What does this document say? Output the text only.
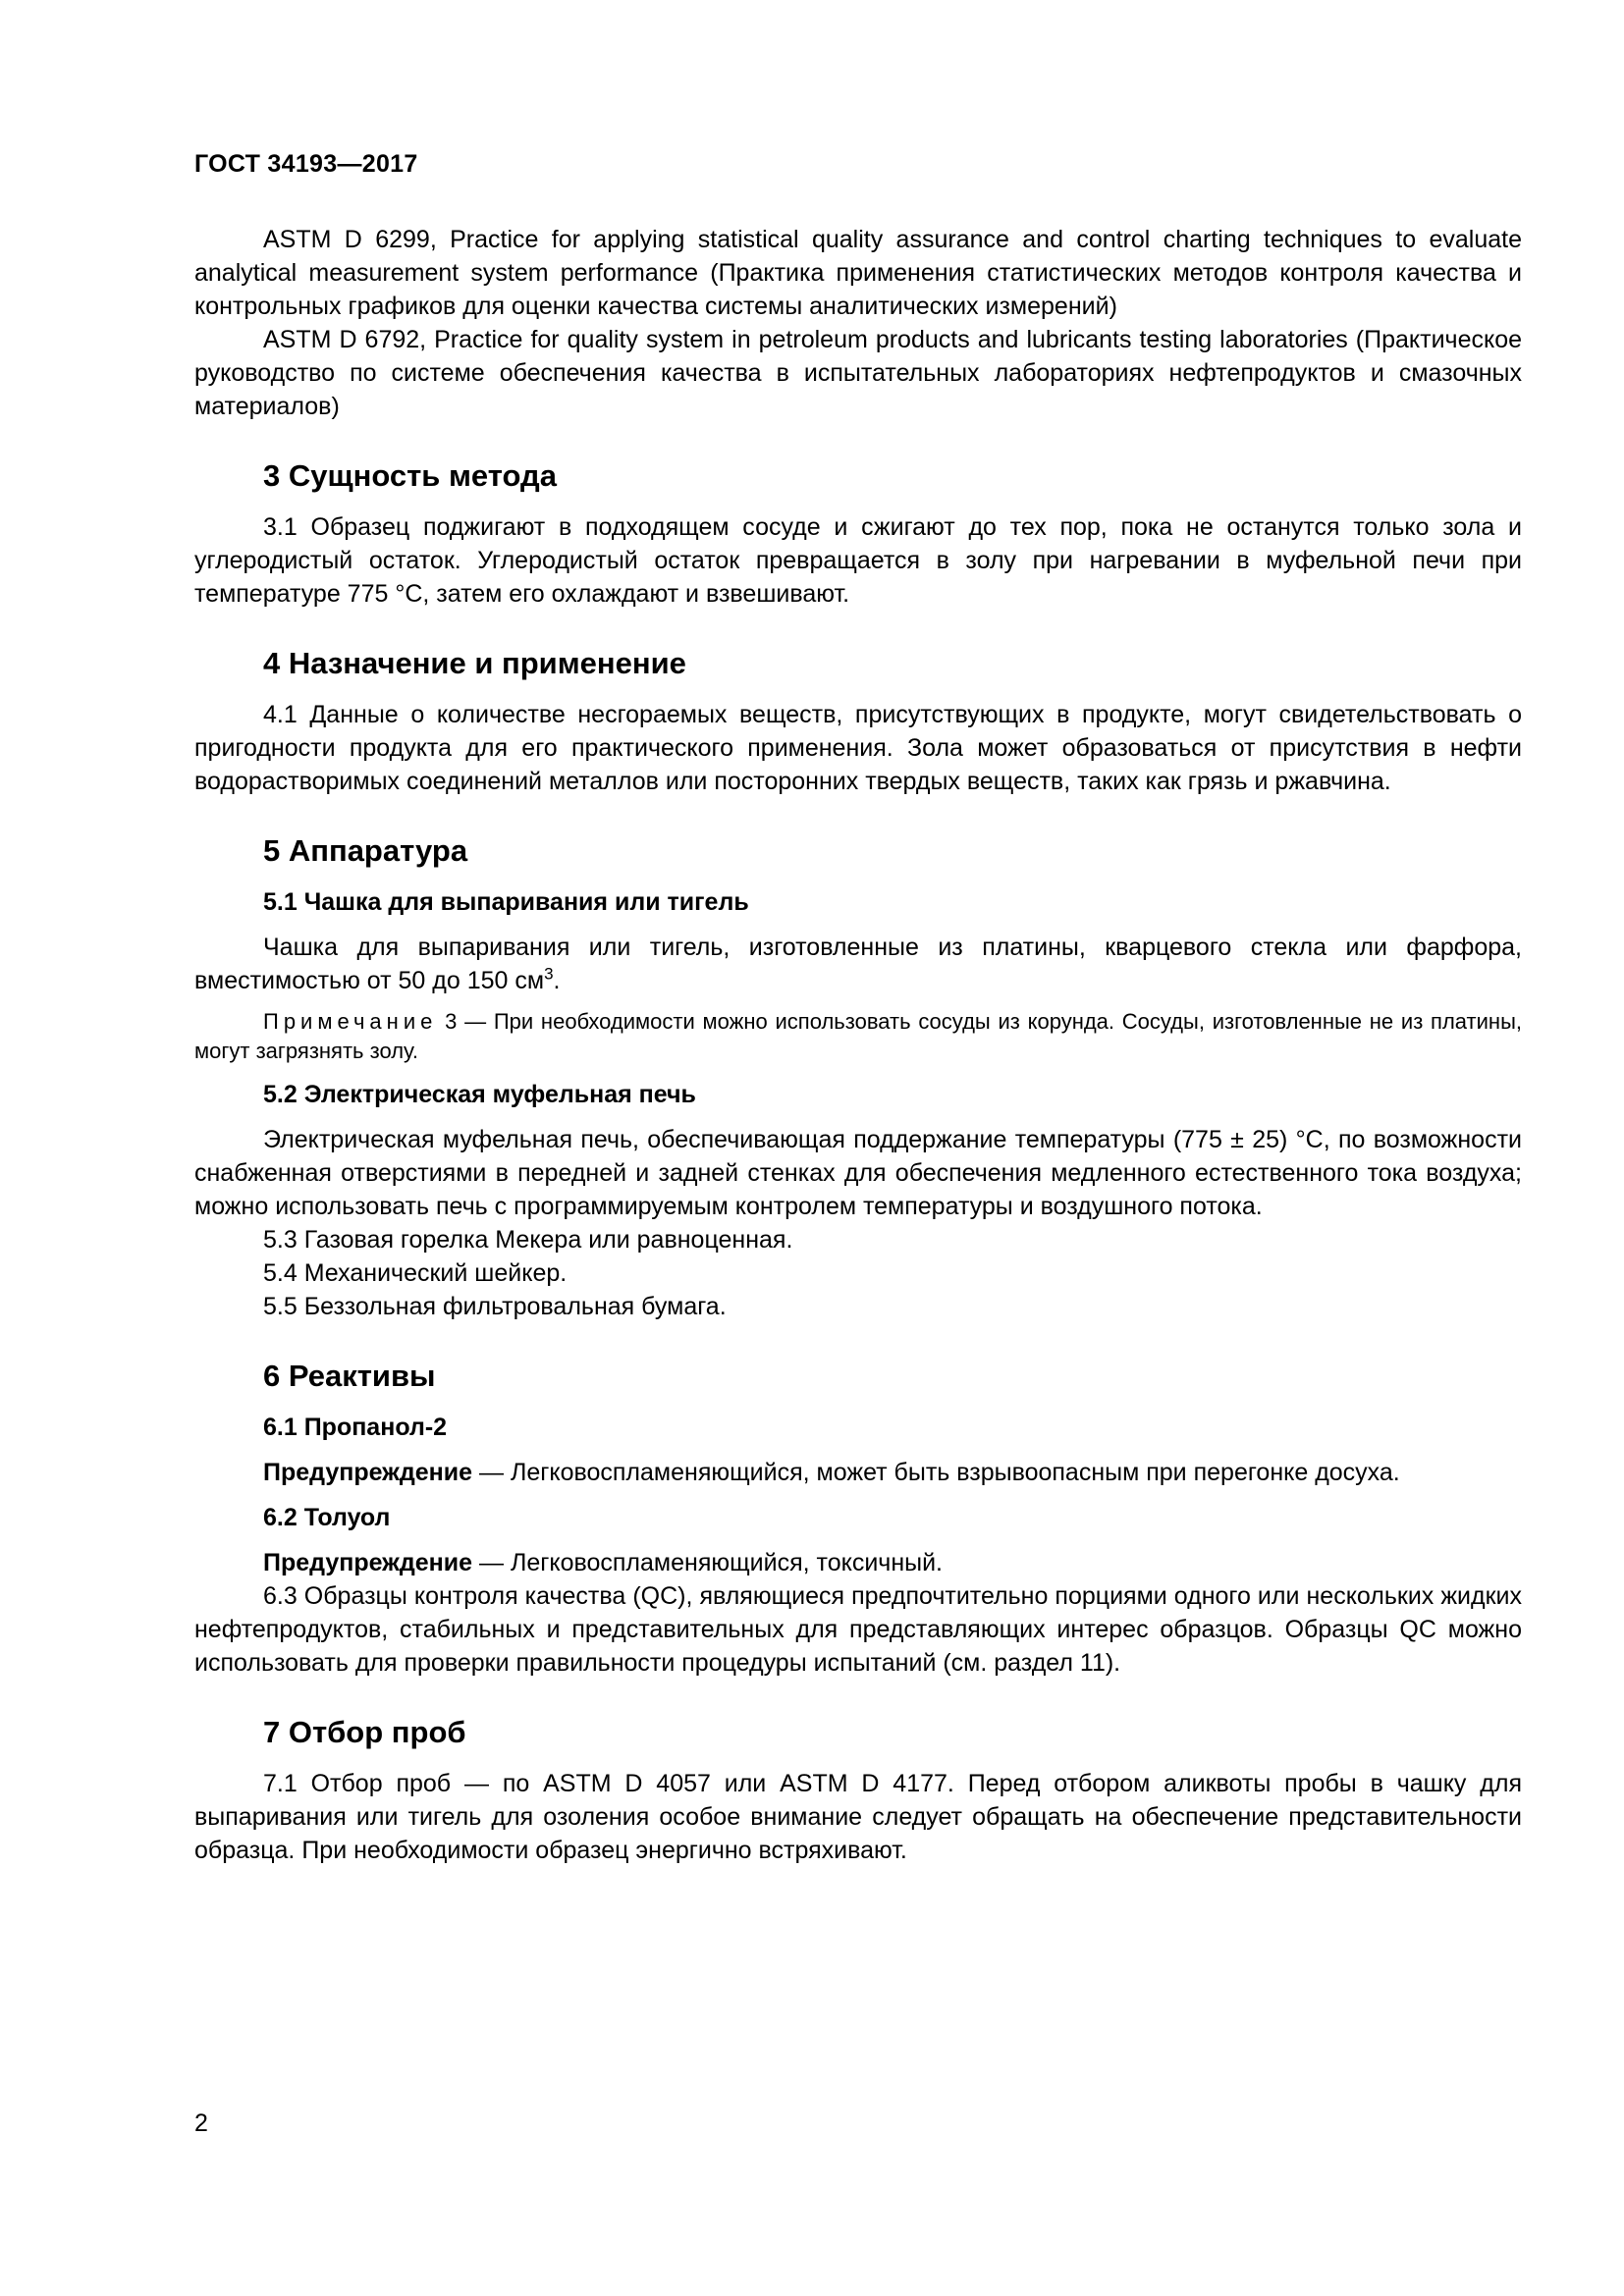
ГОСТ 34193—2017

ASTM D 6299, Practice for applying statistical quality assurance and control charting techniques to evaluate analytical measurement system performance (Практика применения статистических методов контроля качества и контрольных графиков для оценки качества системы аналитических измерений)

ASTM D 6792, Practice for quality system in petroleum products and lubricants testing laboratories (Практическое руководство по системе обеспечения качества в испытательных лабораториях нефтепродуктов и смазочных материалов)

3 Сущность метода

3.1 Образец поджигают в подходящем сосуде и сжигают до тех пор, пока не останутся только зола и углеродистый остаток. Углеродистый остаток превращается в золу при нагревании в муфельной печи при температуре 775 °С, затем его охлаждают и взвешивают.

4 Назначение и применение

4.1 Данные о количестве несгораемых веществ, присутствующих в продукте, могут свидетельствовать о пригодности продукта для его практического применения. Зола может образоваться от присутствия в нефти водорастворимых соединений металлов или посторонних твердых веществ, таких как грязь и ржавчина.

5 Аппаратура
5.1 Чашка для выпаривания или тигель

Чашка для выпаривания или тигель, изготовленные из платины, кварцевого стекла или фарфора, вместимостью от 50 до 150 $см^3$.

Примечание 3 — При необходимости можно использовать сосуды из корунда. Сосуды, изготовленные не из платины, могут загрязнять золу.

5.2 Электрическая муфельная печь

Электрическая муфельная печь, обеспечивающая поддержание температуры (775 ± 25) °С, по возможности снабженная отверстиями в передней и задней стенках для обеспечения медленного естественного тока воздуха; можно использовать печь с программируемым контролем температуры и воздушного потока.

5.3 Газовая горелка Мекера или равноценная.

5.4 Механический шейкер.

5.5 Беззольная фильтровальная бумага.

6 Реактивы
6.1 Пропанол-2

Предупреждение — Легковоспламеняющийся, может быть взрывоопасным при перегонке досуха.

6.2 Толуол

Предупреждение — Легковоспламеняющийся, токсичный.

6.3 Образцы контроля качества (QC), являющиеся предпочтительно порциями одного или нескольких жидких нефтепродуктов, стабильных и представительных для представляющих интерес образцов. Образцы QC можно использовать для проверки правильности процедуры испытаний (см. раздел 11).

7 Отбор проб

7.1 Отбор проб — по ASTM D 4057 или ASTM D 4177. Перед отбором аликвоты пробы в чашку для выпаривания или тигель для озоления особое внимание следует обращать на обеспечение представительности образца. При необходимости образец энергично встряхивают.

2
